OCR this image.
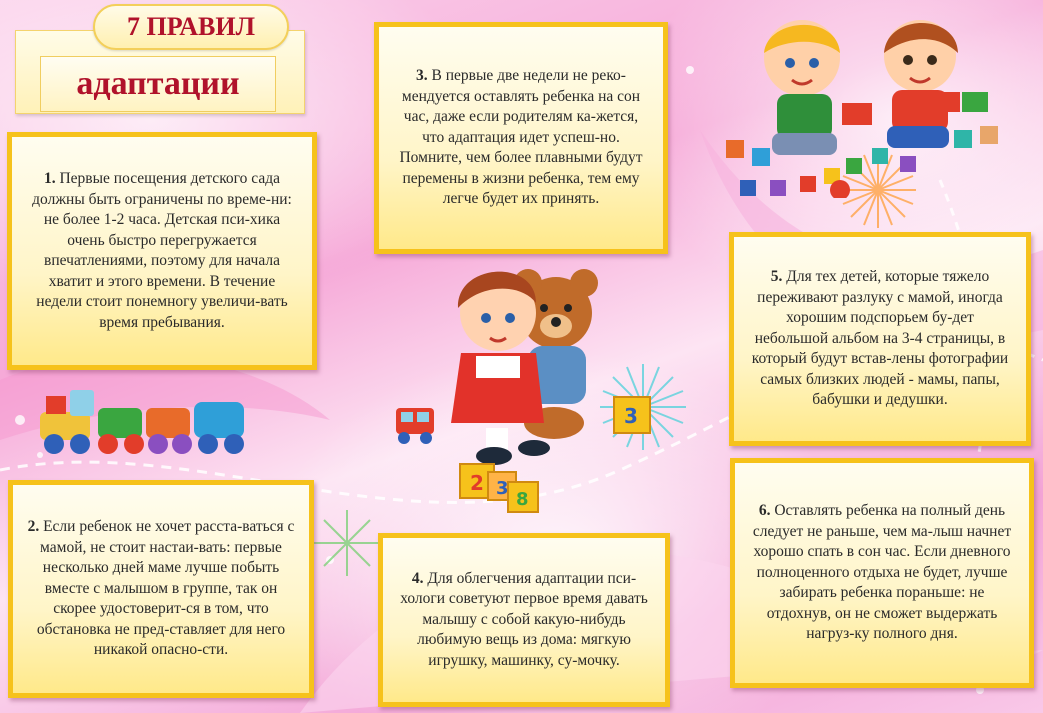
адаптации
7 ПРАВИЛ
2 3
8
3

1. Первые посещения детского сада должны быть ограничены по време-ни: не более 1-2 часа. Детская пси-хика очень быстро перегружается впечатлениями, поэтому для начала хватит и этого времени. В течение недели стоит понемногу увеличи-вать время пребывания.

2. Если ребенок не хочет расста-ваться с мамой, не стоит настаи-вать: первые несколько дней маме лучше побыть вместе с малышом в группе, так он скорее удостоверит-ся в том, что обстановка не пред-ставляет для него никакой опасно-сти.

3. В первые две недели не реко-мендуется оставлять ребенка на сон час, даже если родителям ка-жется, что адаптация идет успеш-но. Помните, чем более плавными будут перемены в жизни ребенка, тем ему легче будет их принять.

4. Для облегчения адаптации пси-хологи советуют первое время давать малышу с собой какую-нибудь любимую вещь из дома: мягкую игрушку, машинку, су-мочку.

5. Для тех детей, которые тяжело переживают разлуку с мамой, иногда хорошим подспорьем бу-дет небольшой альбом на 3-4 страницы, в который будут встав-лены фотографии самых близких людей - мамы, папы, бабушки и дедушки.

6. Оставлять ребенка на полный день следует не раньше, чем ма-лыш начнет хорошо спать в сон час. Если дневного полноценного отдыха не будет, лучше забирать ребенка пораньше: не отдохнув, он не сможет выдержать нагруз-ку полного дня.
